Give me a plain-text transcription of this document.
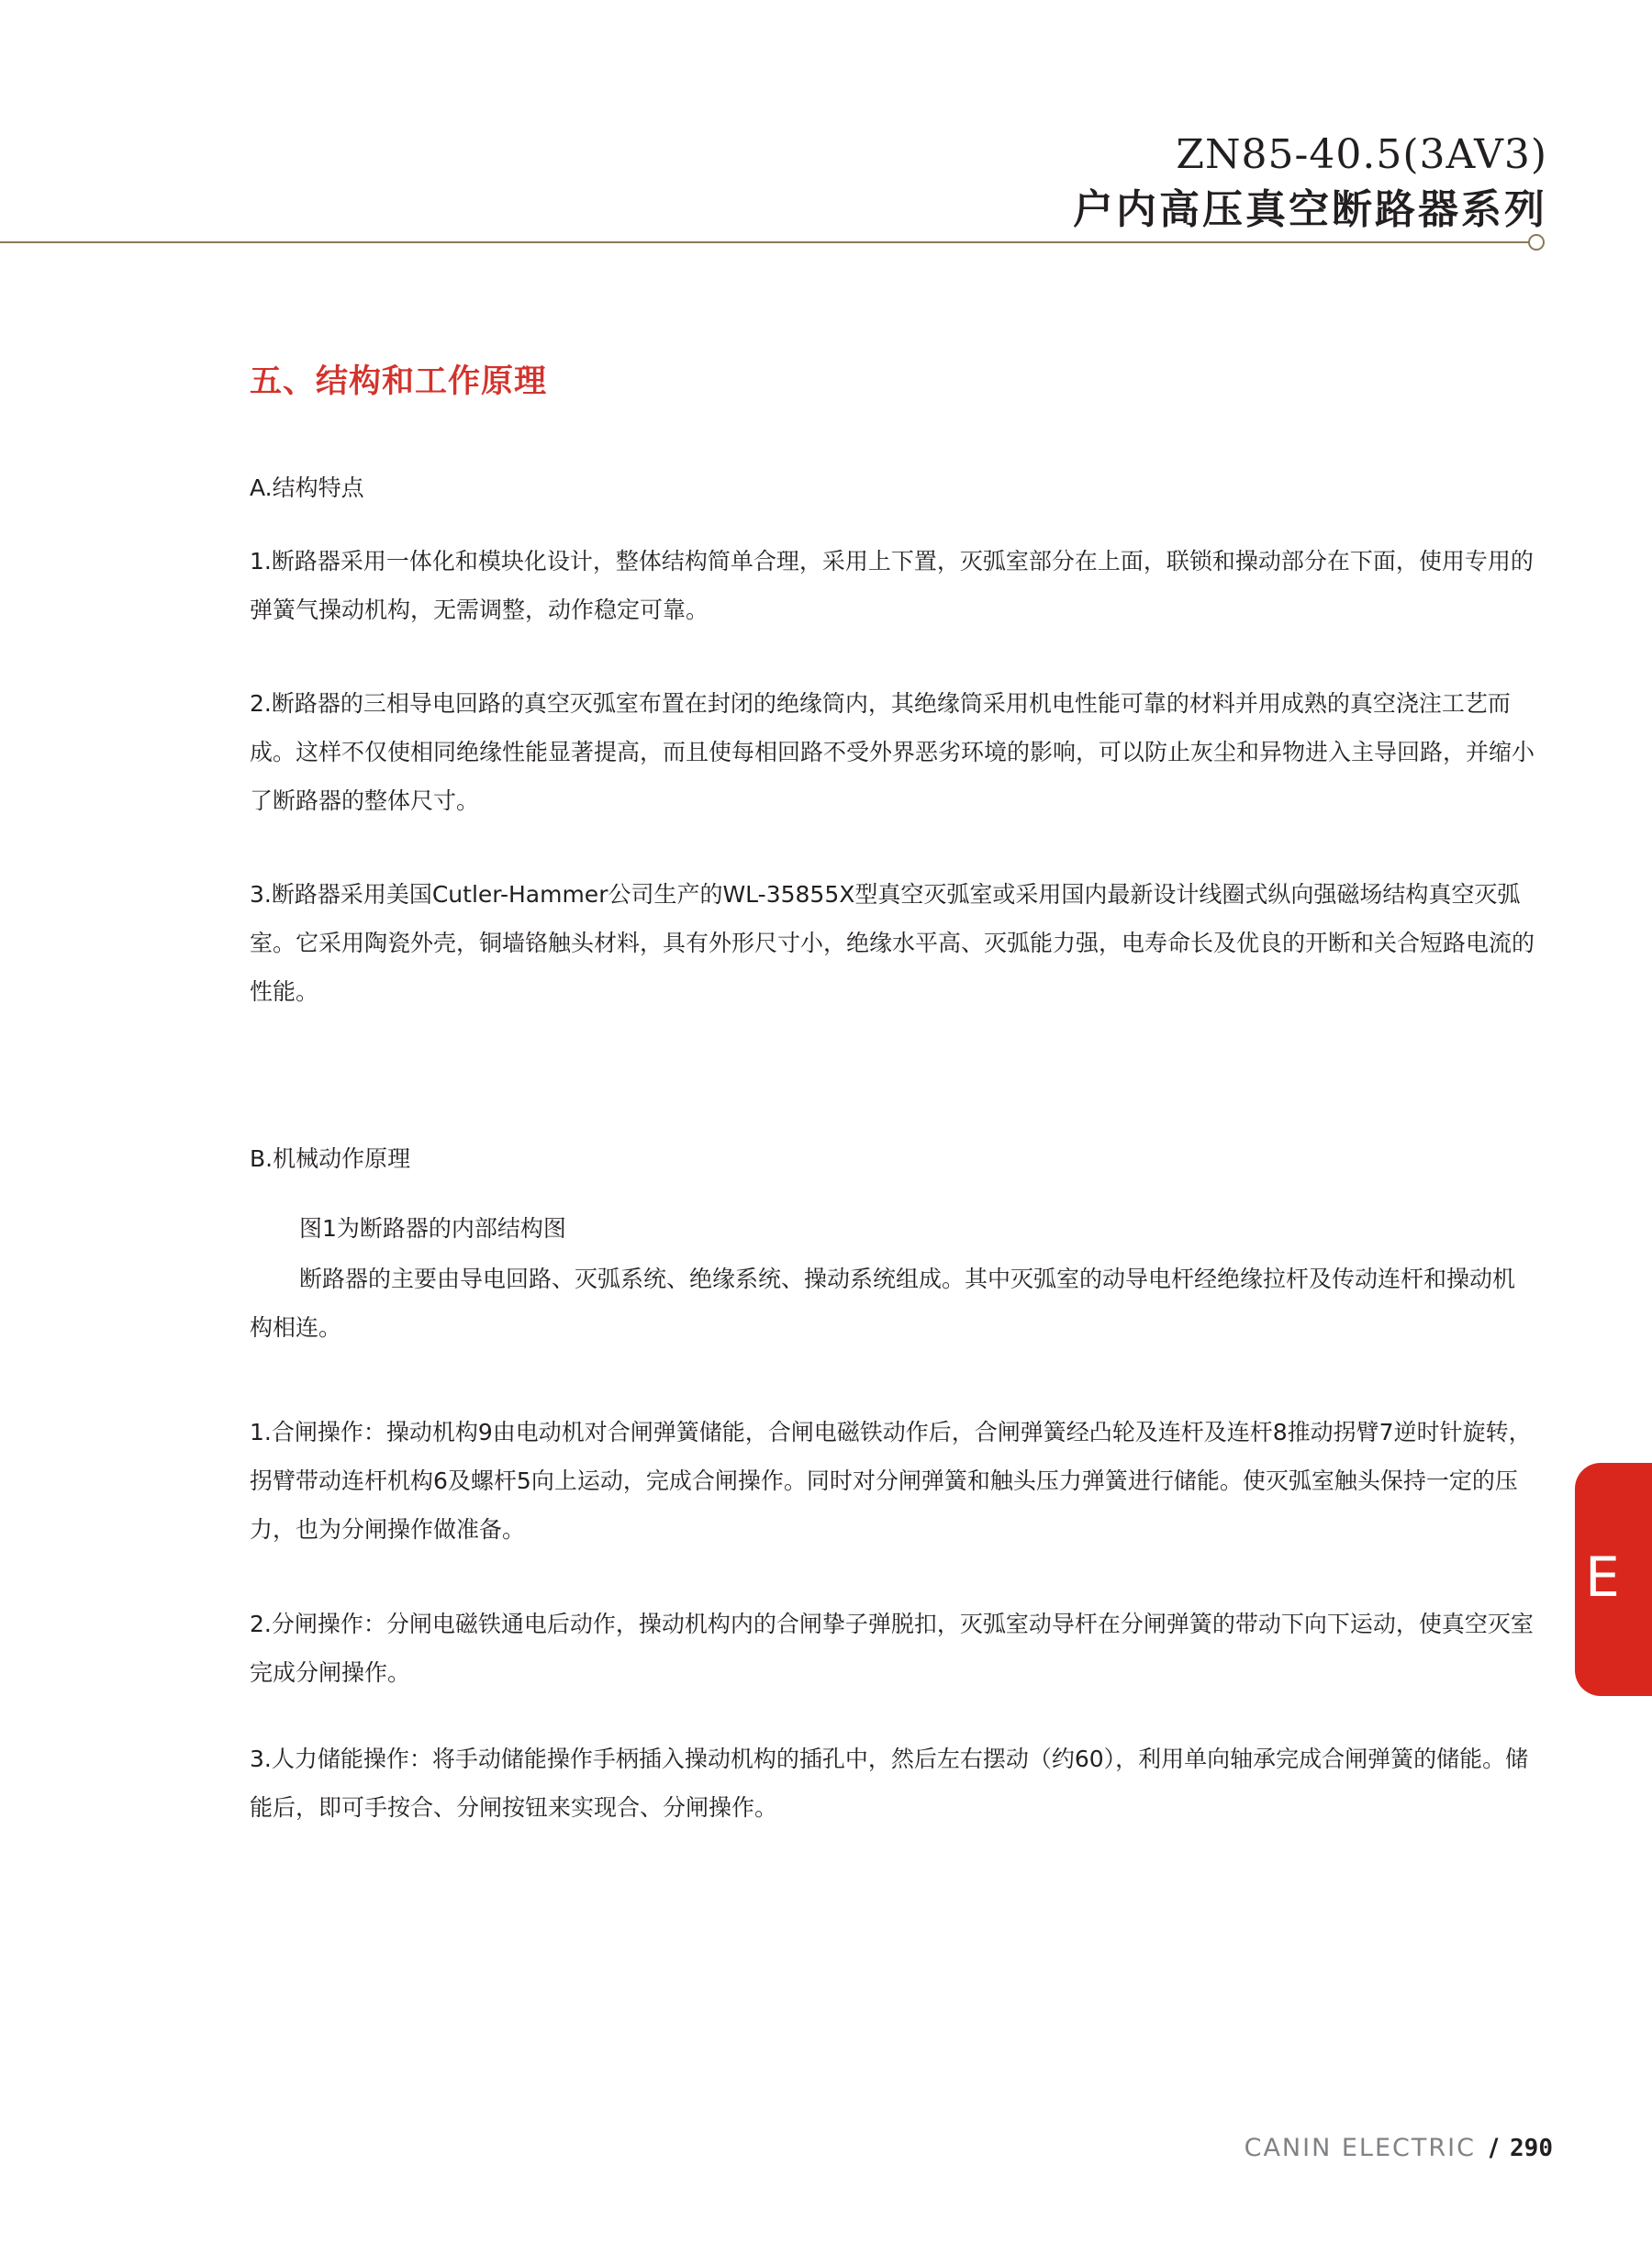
ZN85-40.5(3AV3)
户内高压真空断路器系列
五、结构和工作原理
A.结构特点
1.断路器采用一体化和模块化设计，整体结构简单合理，采用上下置，灭弧室部分在上面，联锁和操动部分在下面，使用专用的弹簧气操动机构，无需调整，动作稳定可靠。
2.断路器的三相导电回路的真空灭弧室布置在封闭的绝缘筒内，其绝缘筒采用机电性能可靠的材料并用成熟的真空浇注工艺而成。这样不仅使相同绝缘性能显著提高，而且使每相回路不受外界恶劣环境的影响，可以防止灰尘和异物进入主导回路，并缩小了断路器的整体尺寸。
3.断路器采用美国Cutler-Hammer公司生产的WL-35855X型真空灭弧室或采用国内最新设计线圈式纵向强磁场结构真空灭弧室。它采用陶瓷外壳，铜墙铬触头材料，具有外形尺寸小，绝缘水平高、灭弧能力强，电寿命长及优良的开断和关合短路电流的性能。
B.机械动作原理
图1为断路器的内部结构图
断路器的主要由导电回路、灭弧系统、绝缘系统、操动系统组成。其中灭弧室的动导电杆经绝缘拉杆及传动连杆和操动机构相连。
1.合闸操作：操动机构9由电动机对合闸弹簧储能，合闸电磁铁动作后，合闸弹簧经凸轮及连杆及连杆8推动拐臂7逆时针旋转，拐臂带动连杆机构6及螺杆5向上运动，完成合闸操作。同时对分闸弹簧和触头压力弹簧进行储能。使灭弧室触头保持一定的压力，也为分闸操作做准备。
2.分闸操作：分闸电磁铁通电后动作，操动机构内的合闸挚子弹脱扣，灭弧室动导杆在分闸弹簧的带动下向下运动，使真空灭室完成分闸操作。
3.人力储能操作：将手动储能操作手柄插入操动机构的插孔中，然后左右摆动（约60），利用单向轴承完成合闸弹簧的储能。储能后，即可手按合、分闸按钮来实现合、分闸操作。
E
CANIN ELECTRIC / 290
